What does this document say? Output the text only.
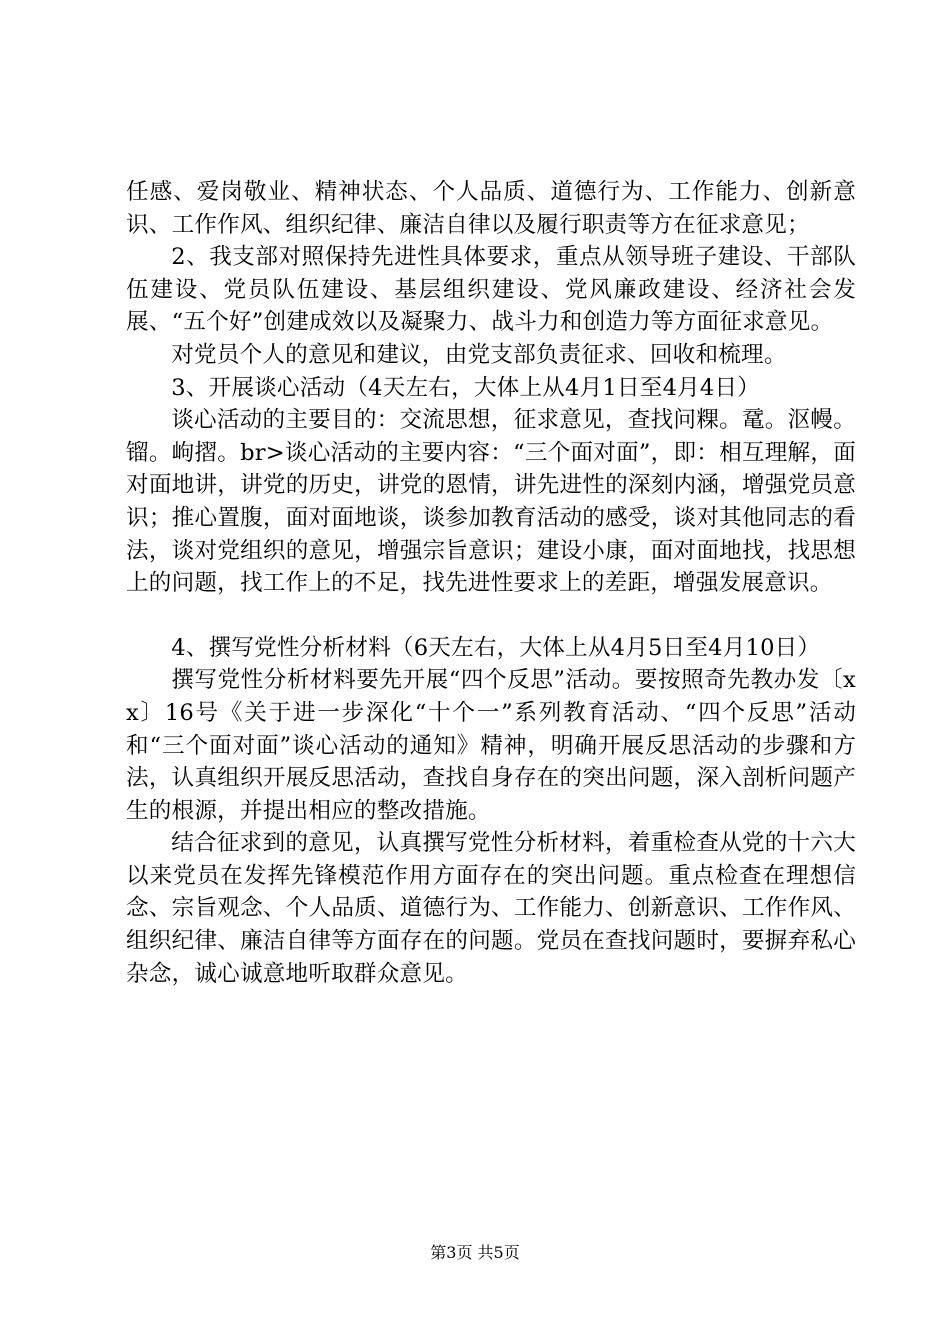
任感、爱岗敬业、精神状态、个人品质、道德行为、工作能力、创新意识、工作作风、组织纪律、廉洁自律以及履行职责等方在征求意见；

2、我支部对照保持先进性具体要求，重点从领导班子建设、干部队伍建设、党员队伍建设、基层组织建设、党风廉政建设、经济社会发展、“五个好”创建成效以及凝聚力、战斗力和创造力等方面征求意见。

对党员个人的意见和建议，由党支部负责征求、回收和梳理。

3、开展谈心活动（4天左右，大体上从4月1日至4月4日）

谈心活动的主要目的：交流思想，征求意见，查找问粿。鼋。沤幔。镏。岣摺。br>谈心活动的主要内容：“三个面对面”，即：相互理解，面对面地讲，讲党的历史，讲党的恩情，讲先进性的深刻内涵，增强党员意识；推心置腹，面对面地谈，谈参加教育活动的感受，谈对其他同志的看法，谈对党组织的意见，增强宗旨意识；建设小康，面对面地找，找思想上的问题，找工作上的不足，找先进性要求上的差距，增强发展意识。

4、撰写党性分析材料（6天左右，大体上从4月5日至4月10日）

撰写党性分析材料要先开展“四个反思”活动。要按照奇先教办发〔xx〕16号《关于进一步深化“十个一”系列教育活动、“四个反思”活动和“三个面对面”谈心活动的通知》精神，明确开展反思活动的步骤和方法，认真组织开展反思活动，查找自身存在的突出问题，深入剖析问题产生的根源，并提出相应的整改措施。

结合征求到的意见，认真撰写党性分析材料，着重检查从党的十六大以来党员在发挥先锋模范作用方面存在的突出问题。重点检查在理想信念、宗旨观念、个人品质、道德行为、工作能力、创新意识、工作作风、组织纪律、廉洁自律等方面存在的问题。党员在查找问题时，要摒弃私心杂念，诚心诚意地听取群众意见。

第3页 共5页
